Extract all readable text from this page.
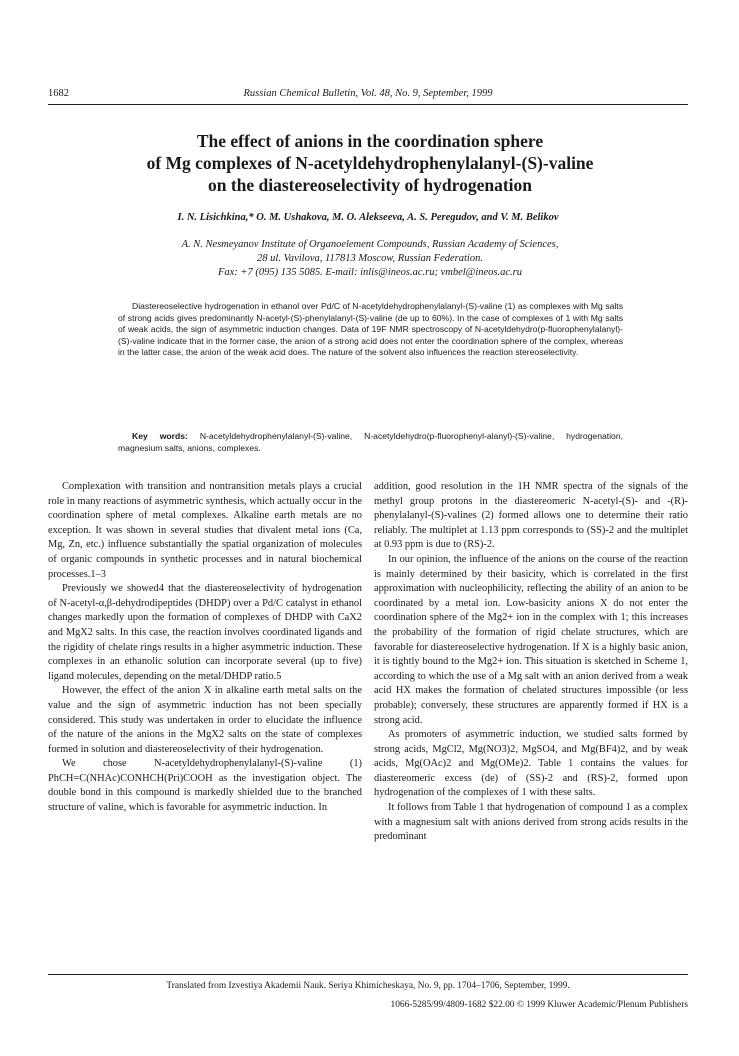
1682	Russian Chemical Bulletin, Vol. 48, No. 9, September, 1999
The effect of anions in the coordination sphere
of Mg complexes of N-acetyldehydrophenylalanyl-(S)-valine
on the diastereoselectivity of hydrogenation
I. N. Lisichkina,* O. M. Ushakova, M. O. Alekseeva, A. S. Peregudov, and V. M. Belikov
A. N. Nesmeyanov Institute of Organoelement Compounds, Russian Academy of Sciences,
28 ul. Vavilova, 117813 Moscow, Russian Federation.
Fax: +7 (095) 135 5085. E-mail: inlis@ineos.ac.ru; vmbel@ineos.ac.ru
Diastereoselective hydrogenation in ethanol over Pd/C of N-acetyldehydrophenylalanyl-(S)-valine (1) as complexes with Mg salts of strong acids gives predominantly N-acetyl-(S)-phenylalanyl-(S)-valine (de up to 60%). In the case of complexes of 1 with Mg salts of weak acids, the sign of asymmetric induction changes. Data of 19F NMR spectroscopy of N-acetyldehydro(p-fluorophenylalanyl)-(S)-valine indicate that in the former case, the anion of a strong acid does not enter the coordination sphere of the complex, whereas in the latter case, the anion of the weak acid does. The nature of the solvent also influences the reaction stereoselectivity.
Key words: N-acetyldehydrophenylalanyl-(S)-valine, N-acetyldehydro(p-fluorophenyl-alanyl)-(S)-valine, hydrogenation, magnesium salts, anions, complexes.

Complexation with transition and nontransition metals plays a crucial role in many reactions of asymmetric synthesis, which actually occur in the coordination sphere of metal complexes. Alkaline earth metals are no exception. It was shown in several studies that divalent metal ions (Ca, Mg, Zn, etc.) influence substantially the spatial organization of molecules of organic compounds in synthetic processes and in natural biochemical processes.1–3

Previously we showed4 that the diastereoselectivity of hydrogenation of N-acetyl-α,β-dehydrodipeptides (DHDP) over a Pd/C catalyst in ethanol changes markedly upon the formation of complexes of DHDP with CaX2 and MgX2 salts. In this case, the reaction involves coordinated ligands and the rigidity of chelate rings results in a higher asymmetric induction. These complexes in an ethanolic solution can incorporate several (up to five) ligand molecules, depending on the metal/DHDP ratio.5

However, the effect of the anion X in alkaline earth metal salts on the value and the sign of asymmetric induction has not been specially considered. This study was undertaken in order to elucidate the influence of the nature of the anions in the MgX2 salts on the state of complexes formed in solution and diastereoselectivity of their hydrogenation.

We chose N-acetyldehydrophenylalanyl-(S)-valine (1) PhCH=C(NHAc)CONHCH(Pri)COOH as the investigation object. The double bond in this compound is markedly shielded due to the branched structure of valine, which is favorable for asymmetric induction. In

addition, good resolution in the 1H NMR spectra of the signals of the methyl group protons in the diastereomeric N-acetyl-(S)- and -(R)-phenylalanyl-(S)-valines (2) formed allows one to determine their ratio reliably. The multiplet at 1.13 ppm corresponds to (SS)-2 and the multiplet at 0.93 ppm is due to (RS)-2.

In our opinion, the influence of the anions on the course of the reaction is mainly determined by their basicity, which is correlated in the first approximation with nucleophilicity, reflecting the ability of an anion to be coordinated by a metal ion. Low-basicity anions X do not enter the coordination sphere of the Mg2+ ion in the complex with 1; this increases the probability of the formation of rigid chelate structures, which are favorable for diastereoselective hydrogenation. If X is a highly basic anion, it is tightly bound to the Mg2+ ion. This situation is sketched in Scheme 1, according to which the use of a Mg salt with an anion derived from a weak acid HX makes the formation of chelated structures impossible (or less probable); conversely, these structures are apparently formed if HX is a strong acid.

As promoters of asymmetric induction, we studied salts formed by strong acids, MgCl2, Mg(NO3)2, MgSO4, and Mg(BF4)2, and by weak acids, Mg(OAc)2 and Mg(OMe)2. Table 1 contains the values for diastereomeric excess (de) of (SS)-2 and (RS)-2, formed upon hydrogenation of the complexes of 1 with these salts.

It follows from Table 1 that hydrogenation of compound 1 as a complex with a magnesium salt with anions derived from strong acids results in the predominant

Translated from Izvestiya Akademii Nauk. Seriya Khimicheskaya, No. 9, pp. 1704–1706, September, 1999.
1066-5285/99/4809-1682 $22.00 © 1999 Kluwer Academic/Plenum Publishers
